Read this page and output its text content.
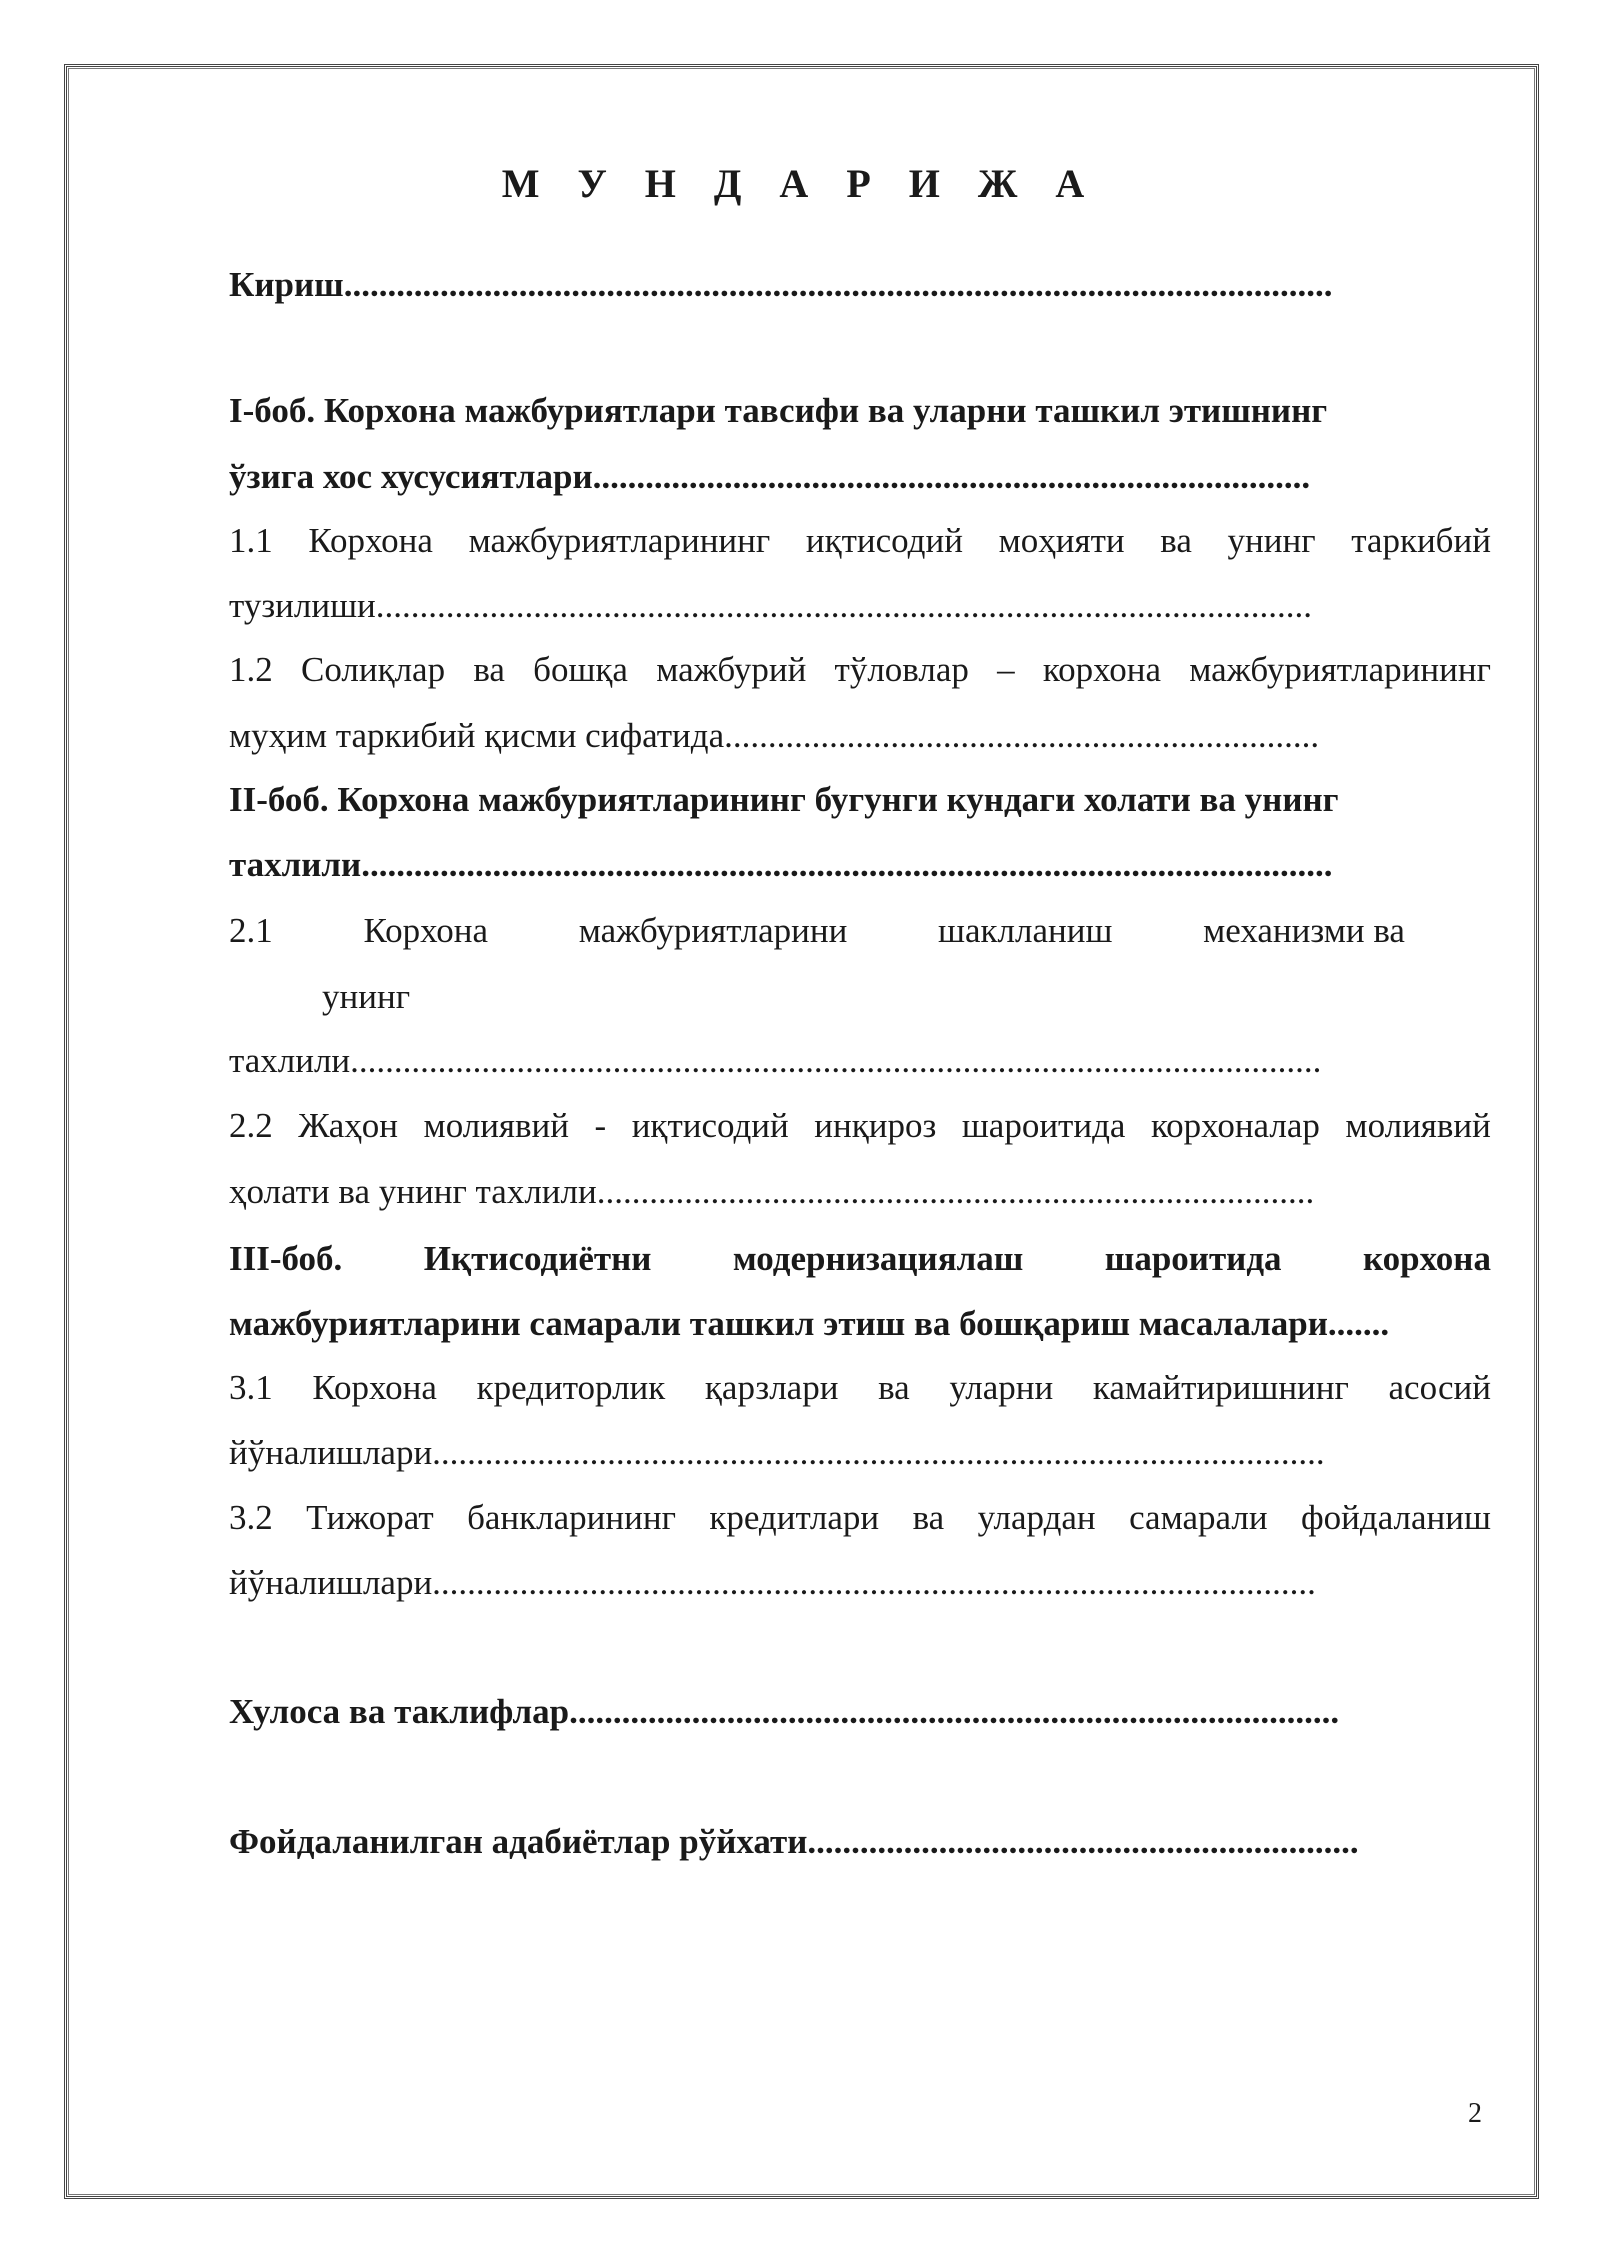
М У Н Д А Р И Ж А
Кириш.................................................................................................................
I-боб. Корхона мажбуриятлари тавсифи ва уларни ташкил этишнинг
ўзига хос хусусиятлари..................................................................................
1.1 Корхона мажбуриятларининг иқтисодий моҳияти ва унинг таркибий
тузилиши...........................................................................................................
1.2 Солиқлар ва бошқа мажбурий тўловлар – корхона мажбуриятларининг
муҳим таркибий қисми сифатида....................................................................
II-боб. Корхона мажбуриятларининг бугунги кундаги холати ва унинг
тахлили...............................................................................................................
2.1	Корхона	мажбуриятларини	шаклланиш	механизми ва
унинг
тахлили...............................................................................................................
2.2 Жаҳон молиявий - иқтисодий инқироз шароитида корхоналар молиявий
ҳолати ва унинг тахлили..................................................................................
III-боб. Иқтисодиётни модернизациялаш шароитида корхона
мажбуриятларини самарали ташкил этиш ва бошқариш масалалари.......
3.1 Корхона кредиторлик қарзлари ва уларни камайтиришнинг асосий
йўналишлари......................................................................................................
3.2 Тижорат банкларининг кредитлари ва улардан самарали фойдаланиш
йўналишлари.....................................................................................................
Хулоса ва таклифлар........................................................................................
Фойдаланилган адабиётлар рўйхати...............................................................
2
